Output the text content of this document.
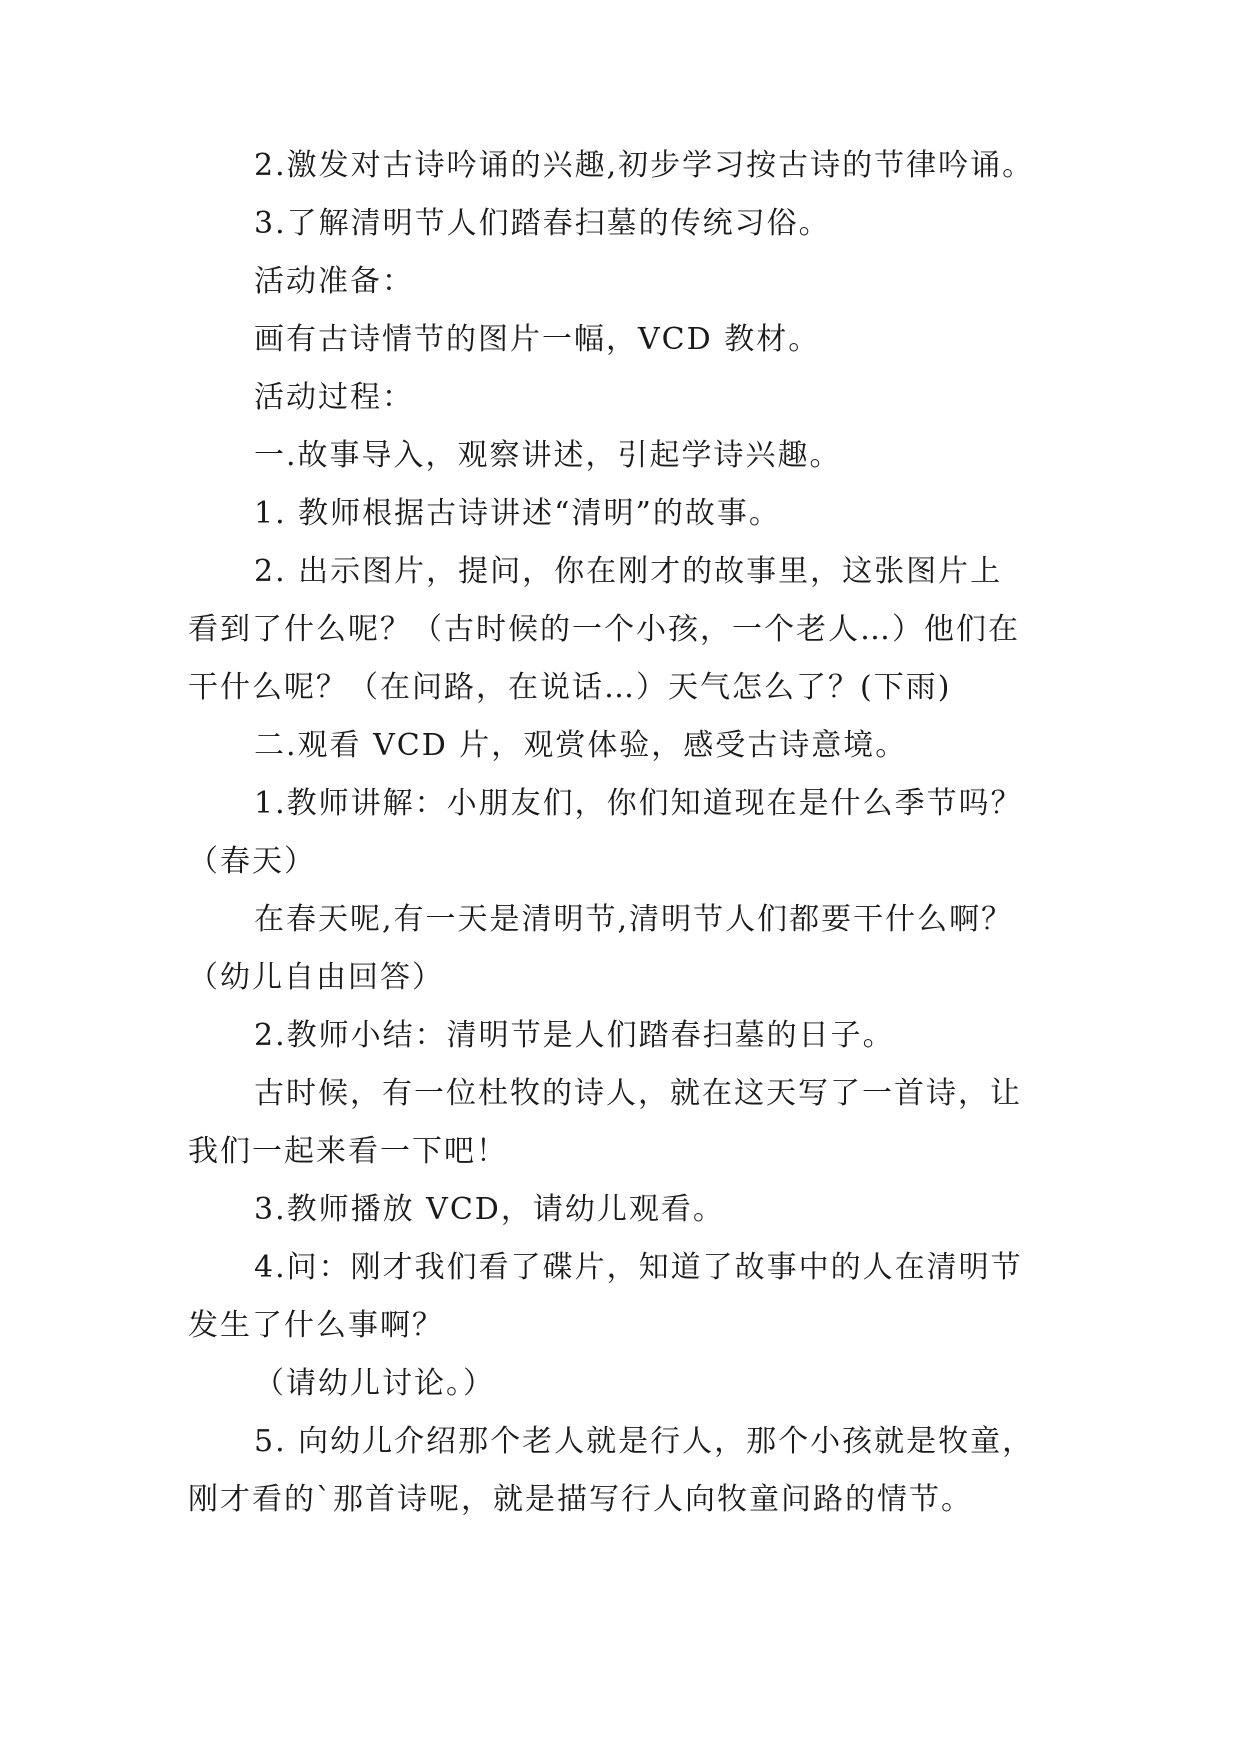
2.激发对古诗吟诵的兴趣,初步学习按古诗的节律吟诵。
3.了解清明节人们踏春扫墓的传统习俗。
活动准备：
画有古诗情节的图片一幅，VCD 教材。
活动过程：
一.故事导入，观察讲述，引起学诗兴趣。
1. 教师根据古诗讲述“清明”的故事。
2. 出示图片，提问，你在刚才的故事里，这张图片上
看到了什么呢？（古时候的一个小孩，一个老人…）他们在
干什么呢？（在问路，在说话…）天气怎么了？(下雨)
二.观看 VCD 片，观赏体验，感受古诗意境。
1.教师讲解：小朋友们，你们知道现在是什么季节吗？
（春天）
在春天呢,有一天是清明节,清明节人们都要干什么啊？
（幼儿自由回答）
2.教师小结：清明节是人们踏春扫墓的日子。
古时候，有一位杜牧的诗人，就在这天写了一首诗，让
我们一起来看一下吧！
3.教师播放 VCD，请幼儿观看。
4.问：刚才我们看了碟片，知道了故事中的人在清明节
发生了什么事啊？
（请幼儿讨论。）
5. 向幼儿介绍那个老人就是行人，那个小孩就是牧童，
刚才看的`那首诗呢，就是描写行人向牧童问路的情节。
